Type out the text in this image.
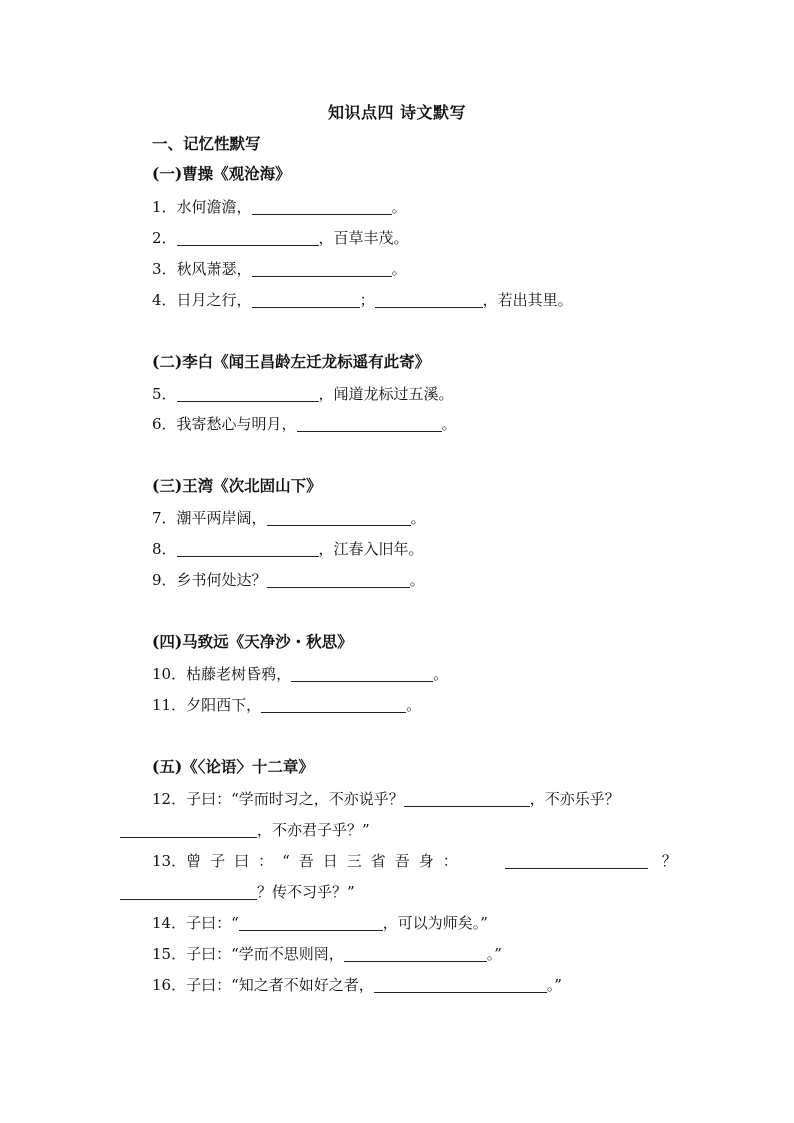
知识点四 诗文默写
一、记忆性默写
(一)曹操《观沧海》
1．水何澹澹，	。
2．	，百草丰茂。
3．秋风萧瑟，	。
4．日月之行，	；	，若出其里。
(二)李白《闻王昌龄左迁龙标遥有此寄》
5．	，闻道龙标过五溪。
6．我寄愁心与明月，	。
(三)王湾《次北固山下》
7．潮平两岸阔，	。
8．	，江春入旧年。
9．乡书何处达？	。
(四)马致远《天净沙・秋思》
10．枯藤老树昏鸦，	。
11．夕阳西下，	。
(五)《〈论语〉十二章》
12．子曰：“学而时习之，不亦说乎？	，不亦乐乎？
，不亦君子乎？”
13．曾子曰：“吾日三省吾身：	？
？传不习乎？”
14．子曰：“	，可以为师矣。”
15．子曰：“学而不思则罔，	。”
16．子曰：“知之者不如好之者，	。”
